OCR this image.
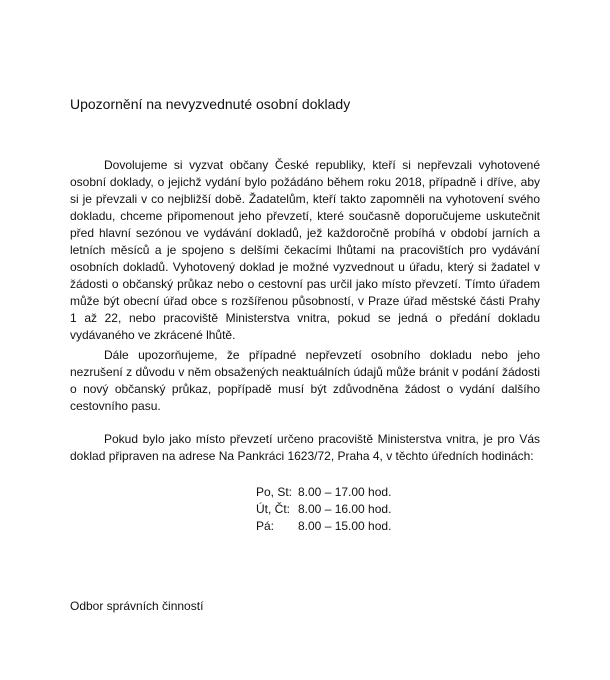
Upozornění na nevyzvednuté osobní doklady

Dovolujeme si vyzvat občany České republiky, kteří si nepřevzali vyhotovené osobní doklady, o jejichž vydání bylo požádáno během roku 2018, případně i dříve, aby si je převzali v co nejbližší době. Žadatelům, kteří takto zapomněli na vyhotovení svého dokladu, chceme připomenout jeho převzetí, které současně doporučujeme uskutečnit před hlavní sezónou ve vydávání dokladů, jež každoročně probíhá v období jarních a letních měsíců a je spojeno s delšími čekacími lhůtami na pracovištích pro vydávání osobních dokladů. Vyhotovený doklad je možné vyzvednout u úřadu, který si žadatel v žádosti o občanský průkaz nebo o cestovní pas určil jako místo převzetí. Tímto úřadem může být obecní úřad obce s rozšířenou působností, v Praze úřad městské části Prahy 1 až 22, nebo pracoviště Ministerstva vnitra, pokud se jedná o předání dokladu vydávaného ve zkrácené lhůtě.

Dále upozorňujeme, že případné nepřevzetí osobního dokladu nebo jeho nezrušení z důvodu v něm obsažených neaktuálních údajů může bránit v podání žádosti o nový občanský průkaz, popřípadě musí být zdůvodněna žádost o vydání dalšího cestovního pasu.

Pokud bylo jako místo převzetí určeno pracoviště Ministerstva vnitra, je pro Vás doklad připraven na adrese Na Pankráci 1623/72, Praha 4, v těchto úředních hodinách:

Po, St: 8.00 – 17.00 hod.
Út, Čt: 8.00 – 16.00 hod.
Pá:	8.00 – 15.00 hod.

Odbor správních činností
